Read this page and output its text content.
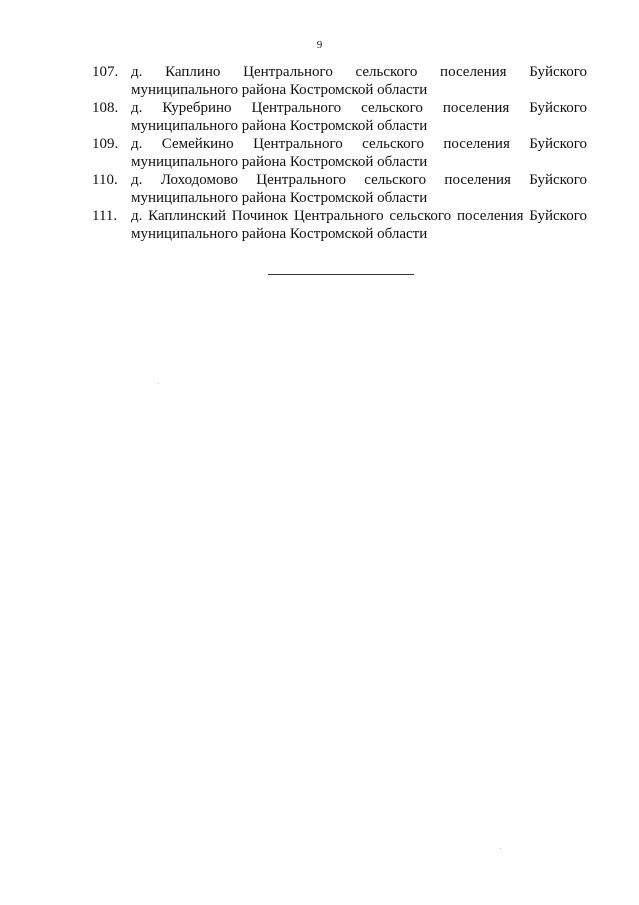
9
107. д. Каплино Центрального сельского поселения Буйского муниципального района Костромской области
108. д. Куребрино Центрального сельского поселения Буйского муниципального района Костромской области
109. д. Семейкино Центрального сельского поселения Буйского муниципального района Костромской области
110. д. Лоходомово Центрального сельского поселения Буйского муниципального района Костромской области
111. д. Каплинский Починок Центрального сельского поселения Буйского муниципального района Костромской области
